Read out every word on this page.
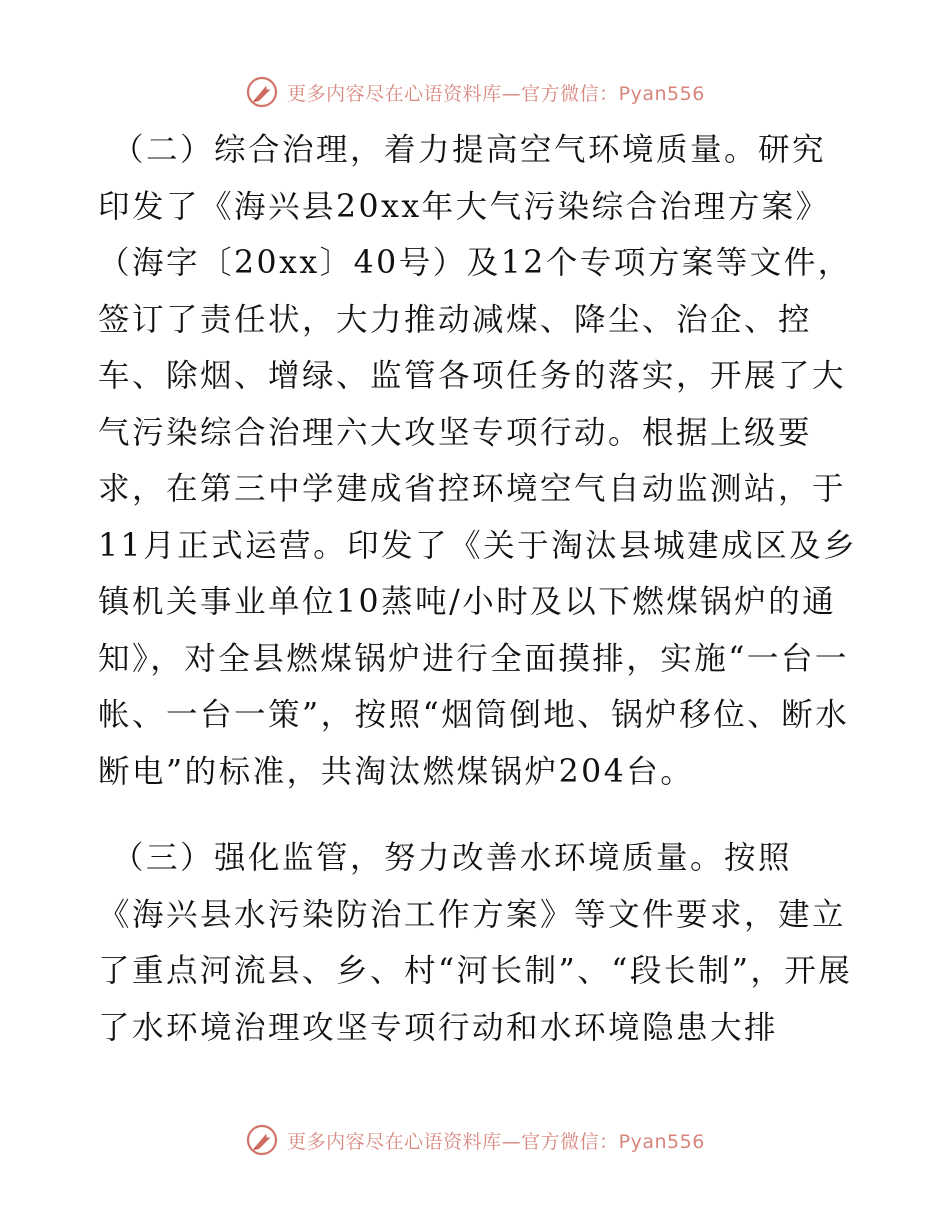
更多内容尽在心语资料库—官方微信：Pyan556

（二）综合治理，着力提高空气环境质量。研究印发了《海兴县20xx年大气污染综合治理方案》（海字〔20xx〕40号）及12个专项方案等文件，签订了责任状，大力推动减煤、降尘、治企、控车、除烟、增绿、监管各项任务的落实，开展了大气污染综合治理六大攻坚专项行动。根据上级要求，在第三中学建成省控环境空气自动监测站，于11月正式运营。印发了《关于淘汰县城建成区及乡镇机关事业单位10蒸吨/小时及以下燃煤锅炉的通知》，对全县燃煤锅炉进行全面摸排，实施“一台一帐、一台一策”，按照“烟筒倒地、锅炉移位、断水断电”的标准，共淘汰燃煤锅炉204台。

（三）强化监管，努力改善水环境质量。按照《海兴县水污染防治工作方案》等文件要求，建立了重点河流县、乡、村“河长制”、“段长制”，开展了水环境治理攻坚专项行动和水环境隐患大排

更多内容尽在心语资料库—官方微信：Pyan556
